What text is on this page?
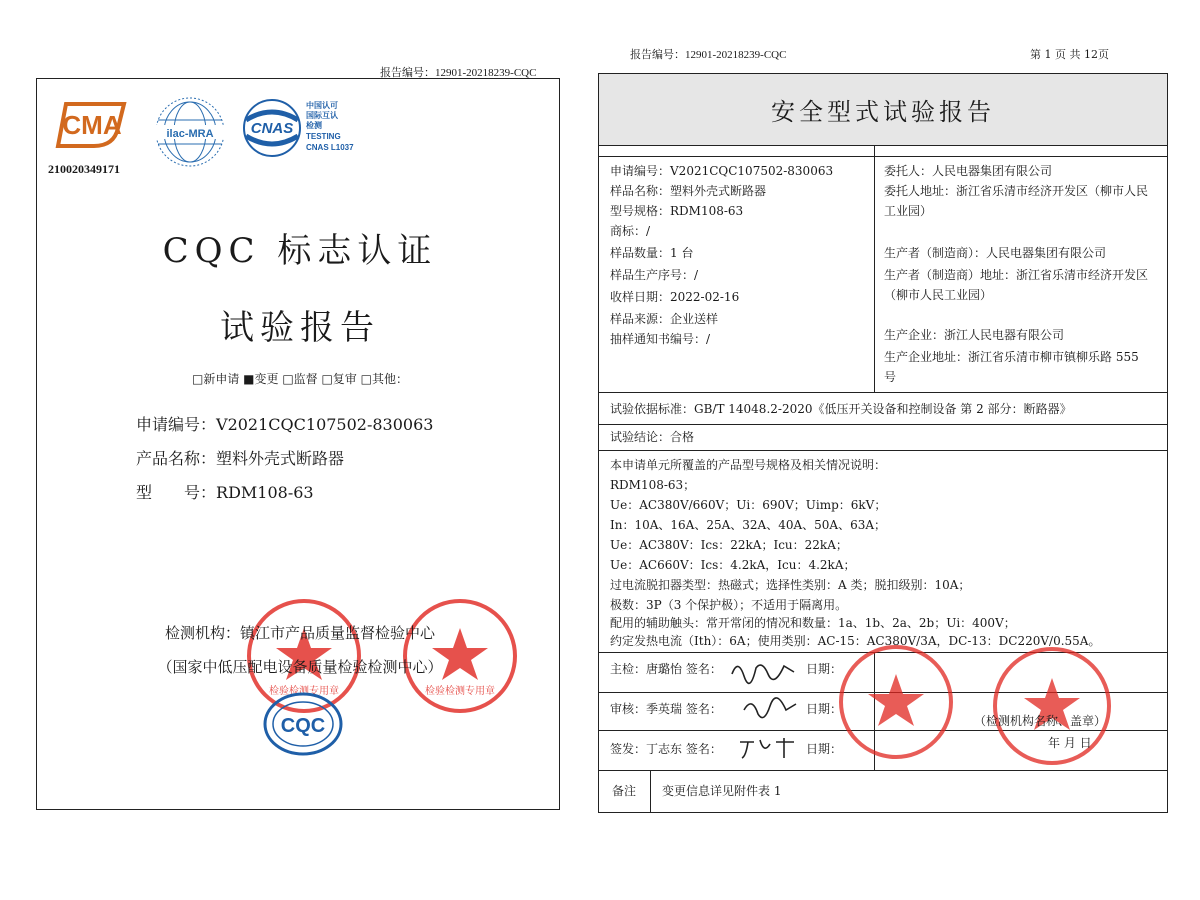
报告编号：12901-20218239-CQC
CMA
210020349171
ilac-MRA CNAS
中国认可
国际互认
检测
TESTING
CNAS L1037
CQC 标志认证
试验报告
□新申请 ■变更 □监督 □复审 □其他：
申请编号：V2021CQC107502-830063
产品名称：塑料外壳式断路器
型　　号：RDM108-63
检验检测专用章	检验检测专用章
检测机构：镇江市产品质量监督检验中心
（国家中低压配电设备质量检验检测中心）
CQC
报告编号：12901-20218239-CQC	第 1 页 共 12页
安全型式试验报告
申请编号：V2021CQC107502-830063
样品名称：塑料外壳式断路器
型号规格：RDM108-63
商标：/
样品数量：1 台
样品生产序号：/
收样日期：2022-02-16
样品来源：企业送样
抽样通知书编号：/
委托人：人民电器集团有限公司
委托人地址：浙江省乐清市经济开发区（柳市人民
工业园）
生产者（制造商）：人民电器集团有限公司
生产者（制造商）地址：浙江省乐清市经济开发区
（柳市人民工业园）
生产企业：浙江人民电器有限公司
生产企业地址：浙江省乐清市柳市镇柳乐路 555
号
试验依据标准：GB/T 14048.2-2020《低压开关设备和控制设备 第 2 部分：断路器》
试验结论：合格
本申请单元所覆盖的产品型号规格及相关情况说明：
RDM108-63；
Ue：AC380V/660V；Ui：690V；Uimp：6kV；
In：10A、16A、25A、32A、40A、50A、63A；
Ue：AC380V：Ics：22kA；Icu：22kA；
Ue：AC660V：Ics：4.2kA，Icu：4.2kA；
过电流脱扣器类型：热磁式；选择性类别：A 类；脱扣级别：10A；
极数：3P（3 个保护极）；不适用于隔离用。
配用的辅助触头：常开常闭的情况和数量：1a、1b、2a、2b；Ui：400V；
约定发热电流（Ith）：6A；使用类别：AC-15：AC380V/3A，DC-13：DC220V/0.55A。
主检：唐璐怡 签名：	日期：
审核：季英瑞 签名：	日期：
签发：丁志东 签名：	日期：
（检测机构名称、盖章）
年 月 日
备注 变更信息详见附件表 1
